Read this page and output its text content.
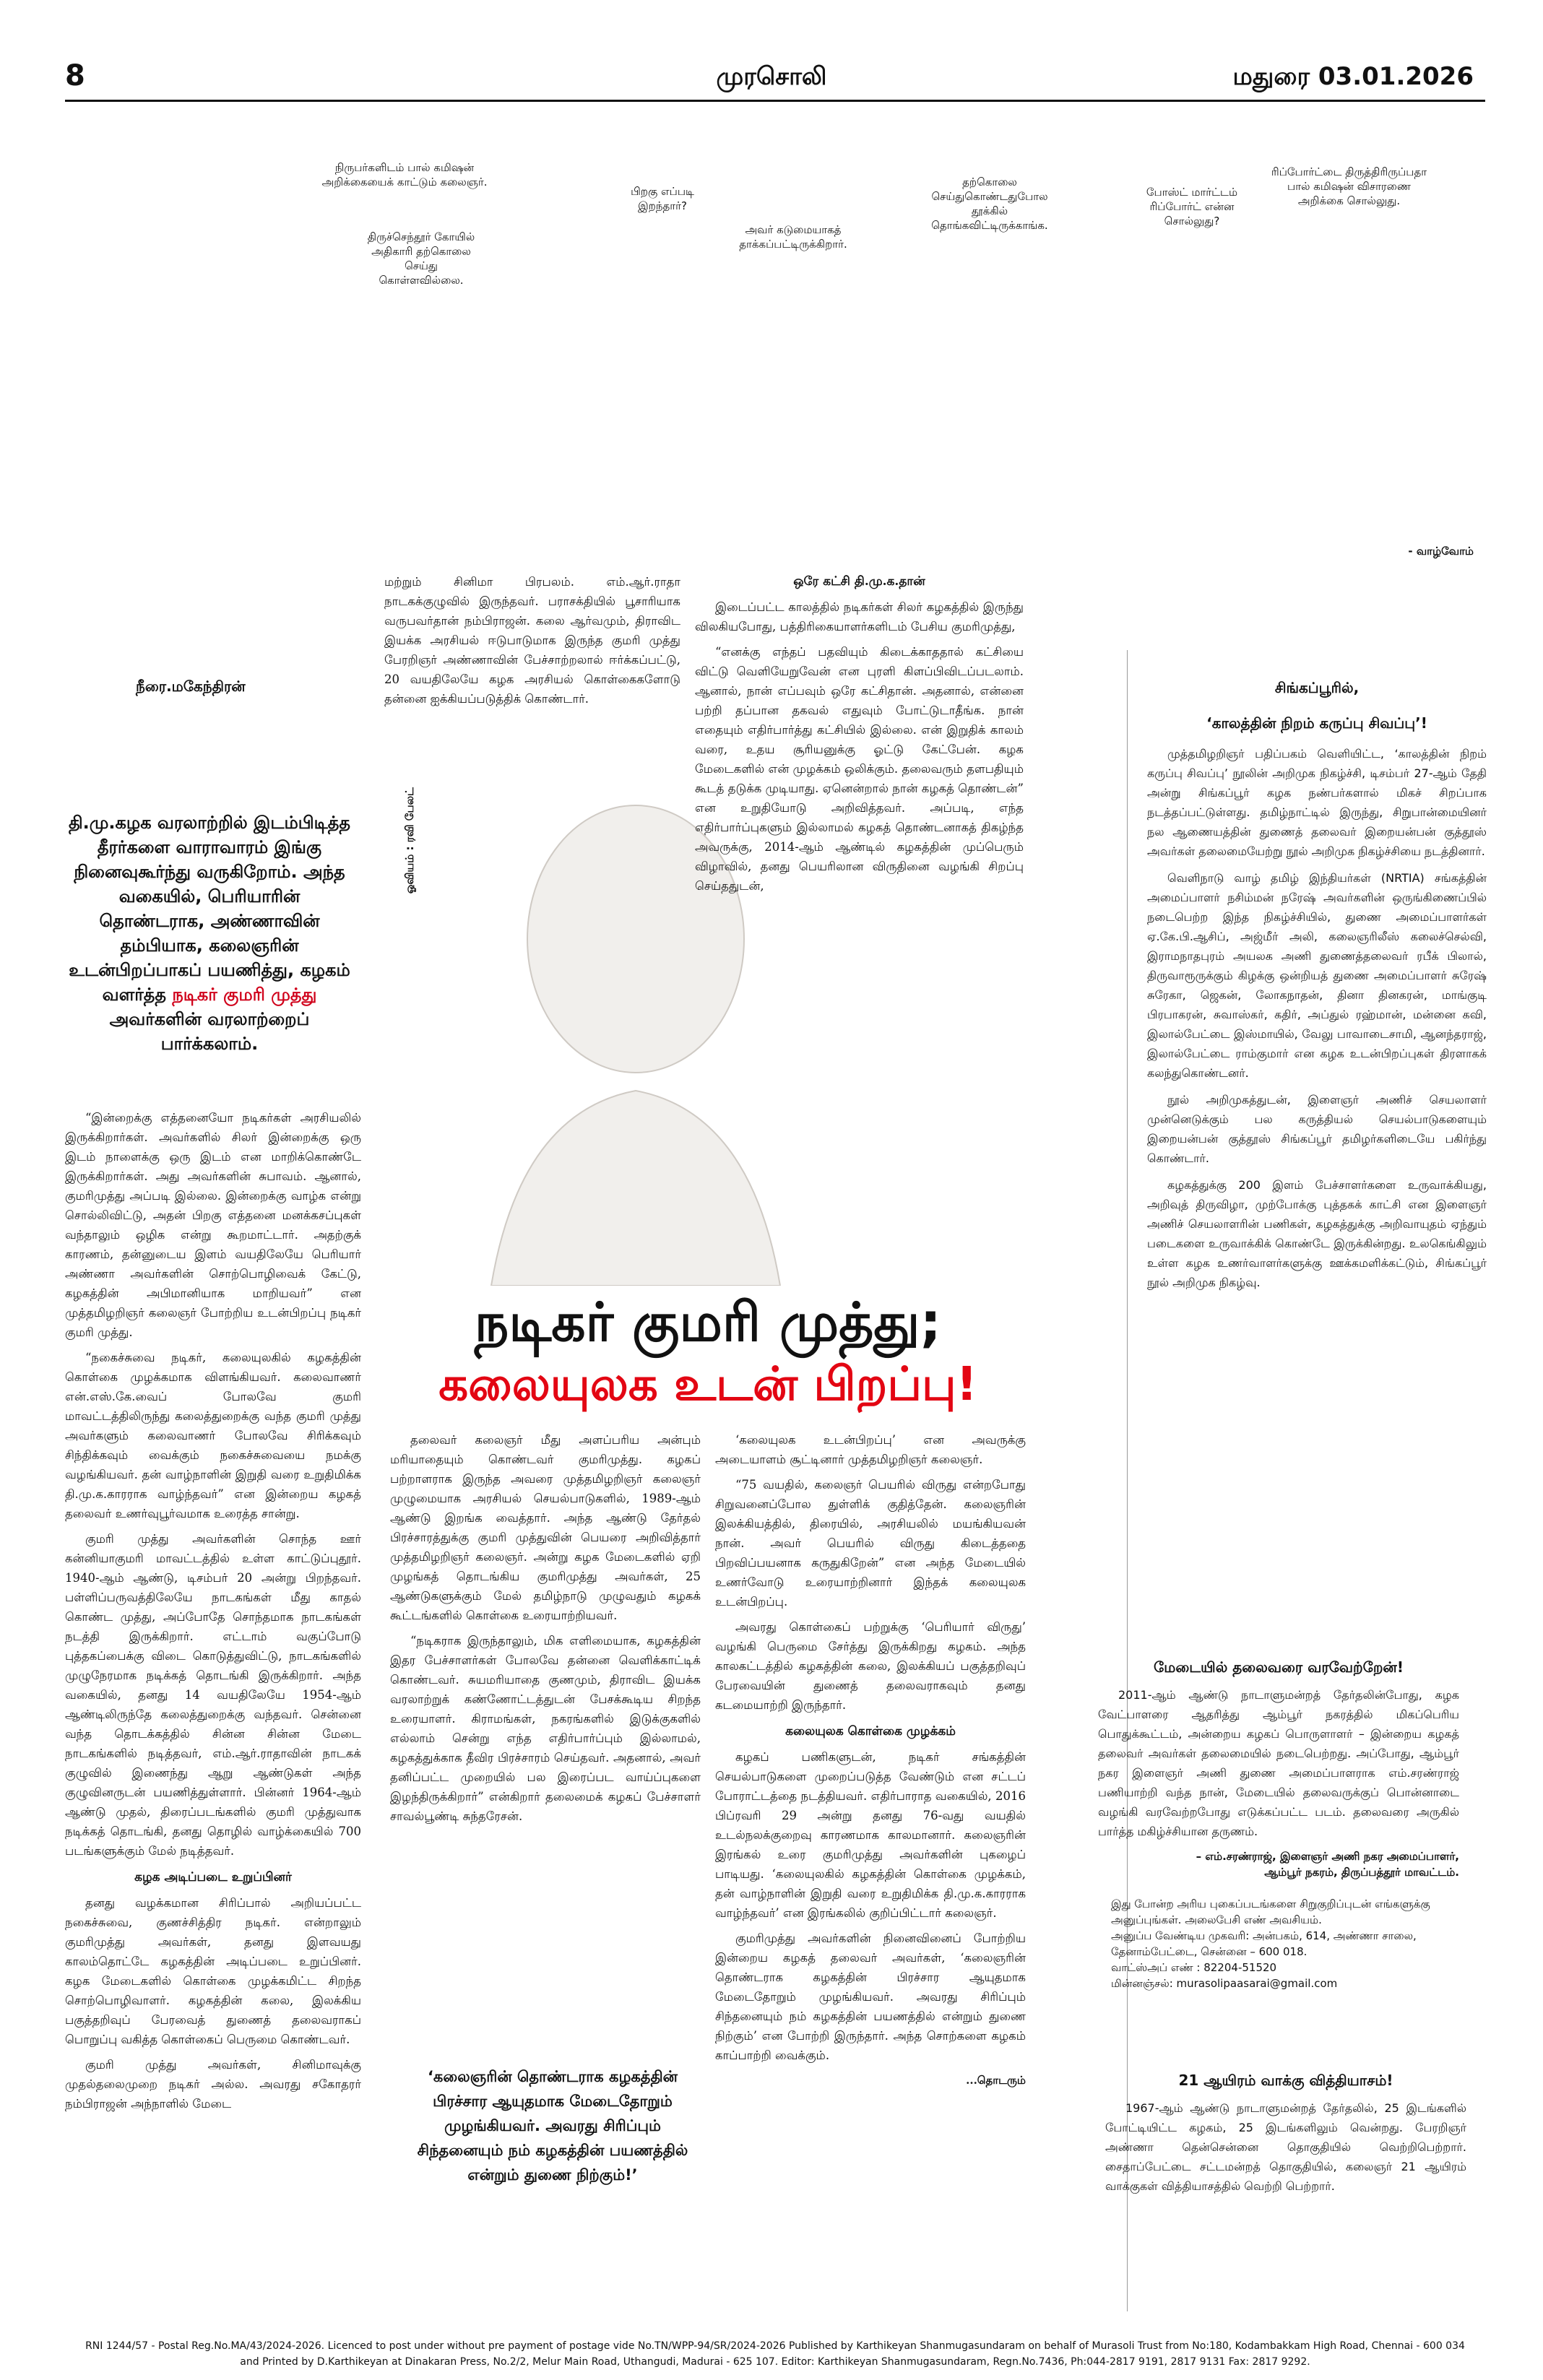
8	முரசொலி	மதுரை 03.01.2026
நிருபர்களிடம் பால் கமிஷன் அறிக்கையைக் காட்டும் கலைஞர்.
திருச்செந்தூர் கோயில் அதிகாரி தற்கொலை செய்து கொள்ளவில்லை.
பிறகு எப்படி இறந்தார்?
அவர் கடுமையாகத் தாக்கப்பட்டிருக்கிறார்.
தற்கொலை செய்துகொண்டதுபோல தூக்கில் தொங்கவிட்டிருக்காங்க.
போஸ்ட் மார்ட்டம் ரிப்போர்ட் என்ன சொல்லுது?
ரிப்போர்ட்டை திருத்திரிருப்பதா பால் கமிஷன் விசாரணை அறிக்கை சொல்லுது.
- வாழ்வோம்
நீரை.மகேந்திரன்
தி.மு.கழக வரலாற்றில் இடம்பிடித்த தீரர்களை வாராவாரம் இங்கு நினைவுகூர்ந்து வருகிறோம். அந்த வகையில், பெரியாரின் தொண்டராக, அண்ணாவின் தம்பியாக, கலைஞரின் உடன்பிறப்பாகப் பயணித்து, கழகம் வளர்த்த நடிகர் குமரி முத்து அவர்களின் வரலாற்றைப் பார்க்கலாம்.

“இன்றைக்கு எத்தனையோ நடிகர்கள் அரசியலில் இருக்கிறார்கள். அவர்களில் சிலர் இன்றைக்கு ஒரு இடம் நாளைக்கு ஒரு இடம் என மாறிக்கொண்டே இருக்கிறார்கள். அது அவர்களின் சுபாவம். ஆனால், குமரிமுத்து அப்படி இல்லை. இன்றைக்கு வாழ்க என்று சொல்லிவிட்டு, அதன் பிறகு எத்தனை மனக்கசப்புகள் வந்தாலும் ஒழிக என்று கூறமாட்டார். அதற்குக் காரணம், தன்னுடைய இளம் வயதிலேயே பெரியார் அண்ணா அவர்களின் சொற்பொழிவைக் கேட்டு, கழகத்தின் அபிமானியாக மாறியவர்” என முத்தமிழறிஞர் கலைஞர் போற்றிய உடன்பிறப்பு நடிகர் குமரி முத்து.

“நகைச்சுவை நடிகர், கலையுலகில் கழகத்தின் கொள்கை முழக்கமாக விளங்கியவர். கலைவாணர் என்.எஸ்.கே.வைப் போலவே குமரி மாவட்டத்திலிருந்து கலைத்துறைக்கு வந்த குமரி முத்து அவர்களும் கலைவாணர் போலவே சிரிக்கவும் சிந்திக்கவும் வைக்கும் நகைச்சுவையை நமக்கு வழங்கியவர். தன் வாழ்நாளின் இறுதி வரை உறுதிமிக்க தி.மு.க.காரராக வாழ்ந்தவர்” என இன்றைய கழகத் தலைவர் உணர்வுபூர்வமாக உரைத்த சான்று.

குமரி முத்து அவர்களின் சொந்த ஊர் கன்னியாகுமரி மாவட்டத்தில் உள்ள காட்டுப்புதூர். 1940-ஆம் ஆண்டு, டிசம்பர் 20 அன்று பிறந்தவர். பள்ளிப்பருவத்திலேயே நாடகங்கள் மீது காதல் கொண்ட முத்து, அப்போதே சொந்தமாக நாடகங்கள் நடத்தி இருக்கிறார். எட்டாம் வகுப்போடு புத்தகப்பைக்கு விடை கொடுத்துவிட்டு, நாடகங்களில் முழுநேரமாக நடிக்கத் தொடங்கி இருக்கிறார். அந்த வகையில், தனது 14 வயதிலேயே 1954-ஆம் ஆண்டிலிருந்தே கலைத்துறைக்கு வந்தவர். சென்னை வந்த தொடக்கத்தில் சின்ன சின்ன மேடை நாடகங்களில் நடித்தவர், எம்.ஆர்.ராதாவின் நாடகக் குழுவில் இணைந்து ஆறு ஆண்டுகள் அந்த குழுவினருடன் பயணித்துள்ளார். பின்னர் 1964-ஆம் ஆண்டு முதல், திரைப்படங்களில் குமரி முத்துவாக நடிக்கத் தொடங்கி, தனது தொழில் வாழ்க்கையில் 700 படங்களுக்கும் மேல் நடித்தவர்.

கழக அடிப்படை உறுப்பினர்

தனது வழக்கமான சிரிப்பால் அறியப்பட்ட நகைச்சுவை, குணச்சித்திர நடிகர். என்றாலும் குமரிமுத்து அவர்கள், தனது இளவயது காலம்தொட்டே கழகத்தின் அடிப்படை உறுப்பினர். கழக மேடைகளில் கொள்கை முழக்கமிட்ட சிறந்த சொற்பொழிவாளர். கழகத்தின் கலை, இலக்கிய பகுத்தறிவுப் பேரவைத் துணைத் தலைவராகப் பொறுப்பு வகித்த கொள்கைப் பெருமை கொண்டவர்.

குமரி முத்து அவர்கள், சினிமாவுக்கு முதல்தலைமுறை நடிகர் அல்ல. அவரது சகோதரர் நம்பிராஜன் அந்நாளில் மேடை

மற்றும் சினிமா பிரபலம். எம்.ஆர்.ராதா நாடகக்குழுவில் இருந்தவர். பராசக்தியில் பூசாரியாக வருபவர்தான் நம்பிராஜன். கலை ஆர்வமும், திராவிட இயக்க அரசியல் ஈடுபாடுமாக இருந்த குமரி முத்து பேரறிஞர் அண்ணாவின் பேச்சாற்றலால் ஈர்க்கப்பட்டு, 20 வயதிலேயே கழக அரசியல் கொள்கைகளோடு தன்னை ஐக்கியப்படுத்திக் கொண்டார்.

ஓவியம் : ரவி பேலட்
ஒரே கட்சி தி.மு.க.தான்

இடைப்பட்ட காலத்தில் நடிகர்கள் சிலர் கழகத்தில் இருந்து விலகியபோது, பத்திரிகையாளர்களிடம் பேசிய குமரிமுத்து,

“எனக்கு எந்தப் பதவியும் கிடைக்காததால் கட்சியை விட்டு வெளியேறுவேன் என புரளி கிளப்பிவிடப்படலாம். ஆனால், நான் எப்பவும் ஒரே கட்சிதான். அதனால், என்னை பற்றி தப்பான தகவல் எதுவும் போட்டுடாதீங்க. நான் எதையும் எதிர்பார்த்து கட்சியில் இல்லை. என் இறுதிக் காலம் வரை, உதய சூரியனுக்கு ஓட்டு கேட்பேன். கழக மேடைகளில் என் முழக்கம் ஒலிக்கும். தலைவரும் தளபதியும் கூடத் தடுக்க முடியாது. ஏனென்றால் நான் கழகத் தொண்டன்” என உறுதியோடு அறிவித்தவர். அப்படி, எந்த எதிர்பார்ப்புகளும் இல்லாமல் கழகத் தொண்டனாகத் திகழ்ந்த அவருக்கு, 2014-ஆம் ஆண்டில் கழகத்தின் முப்பெரும் விழாவில், தனது பெயரிலான விருதினை வழங்கி சிறப்பு செய்ததுடன்,

நடிகர் குமரி முத்து;
கலையுலக உடன் பிறப்பு!

தலைவர் கலைஞர் மீது அளப்பரிய அன்பும் மரியாதையும் கொண்டவர் குமரிமுத்து. கழகப் பற்றாளராக இருந்த அவரை முத்தமிழறிஞர் கலைஞர் முழுமையாக அரசியல் செயல்பாடுகளில், 1989-ஆம் ஆண்டு இறங்க வைத்தார். அந்த ஆண்டு தேர்தல் பிரச்சாரத்துக்கு குமரி முத்துவின் பெயரை அறிவித்தார் முத்தமிழறிஞர் கலைஞர். அன்று கழக மேடைகளில் ஏறி முழங்கத் தொடங்கிய குமரிமுத்து அவர்கள், 25 ஆண்டுகளுக்கும் மேல் தமிழ்நாடு முழுவதும் கழகக் கூட்டங்களில் கொள்கை உரையாற்றியவர்.

“நடிகராக இருந்தாலும், மிக எளிமையாக, கழகத்தின் இதர பேச்சாளர்கள் போலவே தன்னை வெளிக்காட்டிக் கொண்டவர். சுயமரியாதை குணமும், திராவிட இயக்க வரலாற்றுக் கண்ணோட்டத்துடன் பேசக்கூடிய சிறந்த உரையாளர். கிராமங்கள், நகரங்களில் இடுக்குகளில் எல்லாம் சென்று எந்த எதிர்பார்ப்பும் இல்லாமல், கழகத்துக்காக தீவிர பிரச்சாரம் செய்தவர். அதனால், அவர் தனிப்பட்ட முறையில் பல இரைப்பட வாய்ப்புகளை இழந்திருக்கிறார்” என்கிறார் தலைமைக் கழகப் பேச்சாளர் சாவல்பூண்டி சுந்தரேசன்.

‘கலைஞரின் தொண்டராக கழகத்தின் பிரச்சார ஆயுதமாக மேடைதோறும் முழங்கியவர். அவரது சிரிப்பும் சிந்தனையும் நம் கழகத்தின் பயணத்தில் என்றும் துணை நிற்கும்!’

‘கலையுலக உடன்பிறப்பு’ என அவருக்கு அடையாளம் சூட்டினார் முத்தமிழறிஞர் கலைஞர்.

“75 வயதில், கலைஞர் பெயரில் விருது என்றபோது சிறுவனைப்போல துள்ளிக் குதித்தேன். கலைஞரின் இலக்கியத்தில், திரையில், அரசியலில் மயங்கியவன் நான். அவர் பெயரில் விருது கிடைத்ததை பிறவிப்பயனாக கருதுகிறேன்” என அந்த மேடையில் உணர்வோடு உரையாற்றினார் இந்தக் கலையுலக உடன்பிறப்பு.

அவரது கொள்கைப் பற்றுக்கு ‘பெரியார் விருது’ வழங்கி பெருமை சேர்த்து இருக்கிறது கழகம். அந்த காலகட்டத்தில் கழகத்தின் கலை, இலக்கியப் பகுத்தறிவுப் பேரவையின் துணைத் தலைவராகவும் தனது கடமையாற்றி இருந்தார்.

கலையுலக கொள்கை முழக்கம்

கழகப் பணிகளுடன், நடிகர் சங்கத்தின் செயல்பாடுகளை முறைப்படுத்த வேண்டும் என சட்டப் போராட்டத்தை நடத்தியவர். எதிர்பாராத வகையில், 2016 பிப்ரவரி 29 அன்று தனது 76-வது வயதில் உடல்நலக்குறைவு காரணமாக காலமானார். கலைஞரின் இரங்கல் உரை குமரிமுத்து அவர்களின் புகழைப் பாடியது. ‘கலையுலகில் கழகத்தின் கொள்கை முழக்கம், தன் வாழ்நாளின் இறுதி வரை உறுதிமிக்க தி.மு.க.காரராக வாழ்ந்தவர்’ என இரங்கலில் குறிப்பிட்டார் கலைஞர்.

குமரிமுத்து அவர்களின் நினைவினைப் போற்றிய இன்றைய கழகத் தலைவர் அவர்கள், ‘கலைஞரின் தொண்டராக கழகத்தின் பிரச்சார ஆயுதமாக மேடைதோறும் முழங்கியவர். அவரது சிரிப்பும் சிந்தனையும் நம் கழகத்தின் பயணத்தில் என்றும் துணை நிற்கும்’ என போற்றி இருந்தார். அந்த சொற்களை கழகம் காப்பாற்றி வைக்கும்.

...தொடரும்
சிங்கப்பூரில்,
‘காலத்தின் நிறம் கருப்பு சிவப்பு’!

முத்தமிழறிஞர் பதிப்பகம் வெளியிட்ட, ‘காலத்தின் நிறம் கருப்பு சிவப்பு’ நூலின் அறிமுக நிகழ்ச்சி, டிசம்பர் 27-ஆம் தேதி அன்று சிங்கப்பூர் கழக நண்பர்களால் மிகச் சிறப்பாக நடத்தப்பட்டுள்ளது. தமிழ்நாட்டில் இருந்து, சிறுபான்மையினர் நல ஆணையத்தின் துணைத் தலைவர் இறையன்பன் குத்தூஸ் அவர்கள் தலைமையேற்று நூல் அறிமுக நிகழ்ச்சியை நடத்தினார்.

வெளிநாடு வாழ் தமிழ் இந்தியர்கள் (NRTIA) சங்கத்தின் அமைப்பாளர் நசிம்மன் நரேஷ் அவர்களின் ஒருங்கிணைப்பில் நடைபெற்ற இந்த நிகழ்ச்சியில், துணை அமைப்பாளர்கள் ஏ.கே.பி.ஆசிப், அஜ்மீர் அலி, கலைஞரிலீஸ் கலைச்செல்வி, இராமநாதபுரம் அயலக அணி துணைத்தலைவர் ரபீக் பிலால், திருவாரூருக்கும் கிழக்கு ஒன்றியத் துணை அமைப்பாளர் சுரேஷ் சுரேகா, ஜெகன், லோகநாதன், தினா தினகரன், மாங்குடி பிரபாகரன், சுவாஸ்கர், கதிர், அப்துல் ரஹ்மான், மன்னை கவி, இலால்பேட்டை இஸ்மாயில், வேலு பாவாடைசாமி, ஆனந்தராஜ், இலால்பேட்டை ராம்குமார் என கழக உடன்பிறப்புகள் திரளாகக் கலந்துகொண்டனர்.

நூல் அறிமுகத்துடன், இளைஞர் அணிச் செயலாளர் முன்னெடுக்கும் பல கருத்தியல் செயல்பாடுகளையும் இறையன்பன் குத்தூஸ் சிங்கப்பூர் தமிழர்களிடையே பகிர்ந்து கொண்டார்.

கழகத்துக்கு 200 இளம் பேச்சாளர்களை உருவாக்கியது, அறிவுத் திருவிழா, முற்போக்கு புத்தகக் காட்சி என இளைஞர் அணிச் செயலாளரின் பணிகள், கழகத்துக்கு அறிவாயுதம் ஏந்தும் படைகளை உருவாக்கிக் கொண்டே இருக்கின்றது. உலகெங்கிலும் உள்ள கழக உணர்வாளர்களுக்கு ஊக்கமளிக்கட்டும், சிங்கப்பூர் நூல் அறிமுக நிகழ்வு.

மேடையில் தலைவரை வரவேற்றேன்!

2011-ஆம் ஆண்டு நாடாளுமன்றத் தேர்தலின்போது, கழக வேட்பாளரை ஆதரித்து ஆம்பூர் நகரத்தில் மிகப்பெரிய பொதுக்கூட்டம், அன்றைய கழகப் பொருளாளர் – இன்றைய கழகத் தலைவர் அவர்கள் தலைமையில் நடைபெற்றது. அப்போது, ஆம்பூர் நகர இளைஞர் அணி துணை அமைப்பாளராக எம்.சரண்ராஜ் பணியாற்றி வந்த நான், மேடையில் தலைவருக்குப் பொன்னாடை வழங்கி வரவேற்றபோது எடுக்கப்பட்ட படம். தலைவரை அருகில் பார்த்த மகிழ்ச்சியான தருணம்.

– எம்.சரண்ராஜ், இளைஞர் அணி நகர அமைப்பாளர்,
ஆம்பூர் நகரம், திருப்பத்தூர் மாவட்டம்.
இது போன்ற அரிய புகைப்படங்களை சிறுகுறிப்புடன் எங்களுக்கு அனுப்புங்கள். அலைபேசி எண் அவசியம்.
அனுப்ப வேண்டிய முகவரி: அன்பகம், 614, அண்ணா சாலை, தேனாம்பேட்டை, சென்னை – 600 018.
வாட்ஸ்அப் எண் : 82204-51520
மின்னஞ்சல்: murasolipaasarai@gmail.com
21 ஆயிரம் வாக்கு வித்தியாசம்!

1967-ஆம் ஆண்டு நாடாளுமன்றத் தேர்தலில், 25 இடங்களில் போட்டியிட்ட கழகம், 25 இடங்களிலும் வென்றது. பேரறிஞர் அண்ணா தென்சென்னை தொகுதியில் வெற்றிபெற்றார். சைதாப்பேட்டை சட்டமன்றத் தொகுதியில், கலைஞர் 21 ஆயிரம் வாக்குகள் வித்தியாசத்தில் வெற்றி பெற்றார்.

RNI 1244/57 - Postal Reg.No.MA/43/2024-2026. Licenced to post under without pre payment of postage vide No.TN/WPP-94/SR/2024-2026 Published by Karthikeyan Shanmugasundaram on behalf of Murasoli Trust from No:180, Kodambakkam High Road, Chennai - 600 034
and Printed by D.Karthikeyan at Dinakaran Press, No.2/2, Melur Main Road, Uthangudi, Madurai - 625 107. Editor: Karthikeyan Shanmugasundaram, Regn.No.7436, Ph:044-2817 9191, 2817 9131 Fax: 2817 9292.
